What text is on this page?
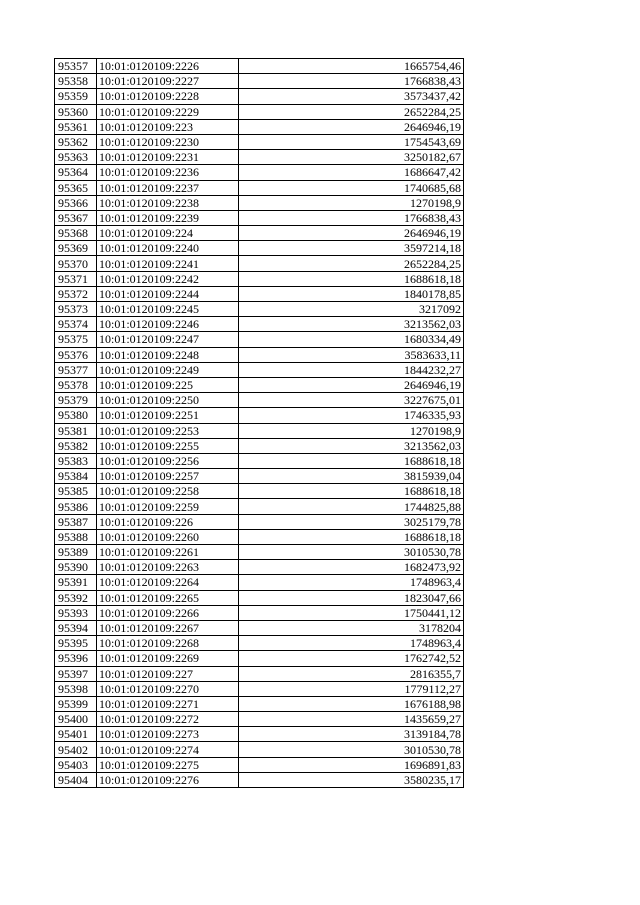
95357	10:01:0120109:2226	1665754,46
95358	10:01:0120109:2227	1766838,43
95359	10:01:0120109:2228	3573437,42
95360	10:01:0120109:2229	2652284,25
95361	10:01:0120109:223	2646946,19
95362	10:01:0120109:2230	1754543,69
95363	10:01:0120109:2231	3250182,67
95364	10:01:0120109:2236	1686647,42
95365	10:01:0120109:2237	1740685,68
95366	10:01:0120109:2238	1270198,9
95367	10:01:0120109:2239	1766838,43
95368	10:01:0120109:224	2646946,19
95369	10:01:0120109:2240	3597214,18
95370	10:01:0120109:2241	2652284,25
95371	10:01:0120109:2242	1688618,18
95372	10:01:0120109:2244	1840178,85
95373	10:01:0120109:2245	3217092
95374	10:01:0120109:2246	3213562,03
95375	10:01:0120109:2247	1680334,49
95376	10:01:0120109:2248	3583633,11
95377	10:01:0120109:2249	1844232,27
95378	10:01:0120109:225	2646946,19
95379	10:01:0120109:2250	3227675,01
95380	10:01:0120109:2251	1746335,93
95381	10:01:0120109:2253	1270198,9
95382	10:01:0120109:2255	3213562,03
95383	10:01:0120109:2256	1688618,18
95384	10:01:0120109:2257	3815939,04
95385	10:01:0120109:2258	1688618,18
95386	10:01:0120109:2259	1744825,88
95387	10:01:0120109:226	3025179,78
95388	10:01:0120109:2260	1688618,18
95389	10:01:0120109:2261	3010530,78
95390	10:01:0120109:2263	1682473,92
95391	10:01:0120109:2264	1748963,4
95392	10:01:0120109:2265	1823047,66
95393	10:01:0120109:2266	1750441,12
95394	10:01:0120109:2267	3178204
95395	10:01:0120109:2268	1748963,4
95396	10:01:0120109:2269	1762742,52
95397	10:01:0120109:227	2816355,7
95398	10:01:0120109:2270	1779112,27
95399	10:01:0120109:2271	1676188,98
95400	10:01:0120109:2272	1435659,27
95401	10:01:0120109:2273	3139184,78
95402	10:01:0120109:2274	3010530,78
95403	10:01:0120109:2275	1696891,83
95404	10:01:0120109:2276	3580235,17
